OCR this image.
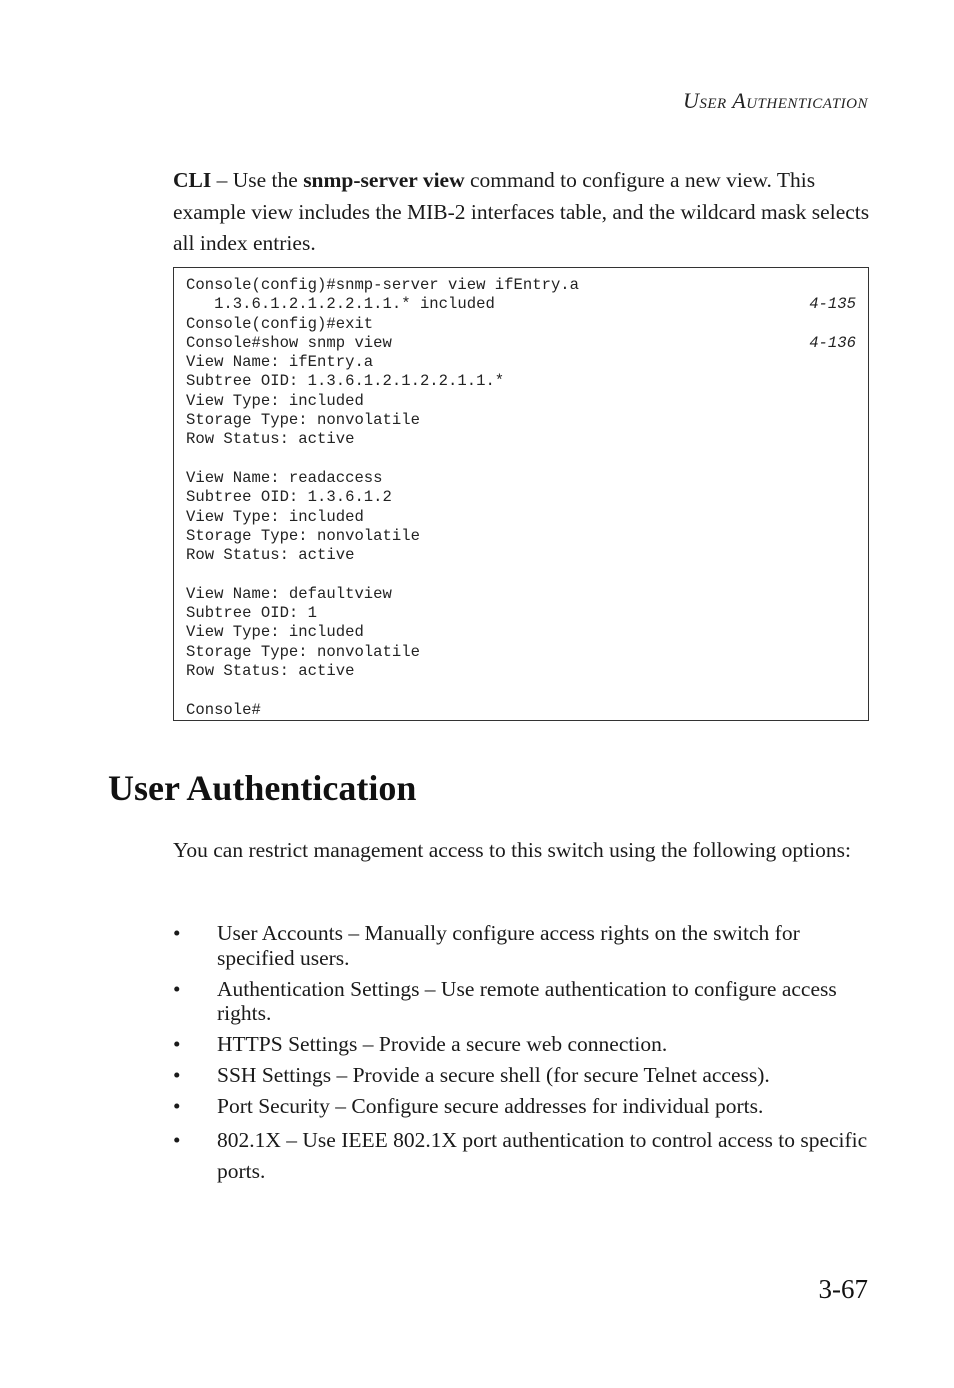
User Authentication

CLI – Use the snmp-server view command to configure a new view. This example view includes the MIB-2 interfaces table, and the wildcard mask selects all index entries.

Console(config)#snmp-server view ifEntry.a
1.3.6.1.2.1.2.2.1.1.* included	4-135
Console(config)#exit
Console#show snmp view	4-136
View Name: ifEntry.a
Subtree OID: 1.3.6.1.2.1.2.2.1.1.*
View Type: included
Storage Type: nonvolatile
Row Status: active
View Name: readaccess
Subtree OID: 1.3.6.1.2
View Type: included
Storage Type: nonvolatile
Row Status: active
View Name: defaultview
Subtree OID: 1
View Type: included
Storage Type: nonvolatile
Row Status: active
Console#
User Authentication

You can restrict management access to this switch using the following options:

• User Accounts – Manually configure access rights on the switch for specified users.
• Authentication Settings – Use remote authentication to configure access rights.
• HTTPS Settings – Provide a secure web connection.
• SSH Settings – Provide a secure shell (for secure Telnet access).
• Port Security – Configure secure addresses for individual ports.
• 802.1X – Use IEEE 802.1X port authentication to control access to specific ports.
3-67
